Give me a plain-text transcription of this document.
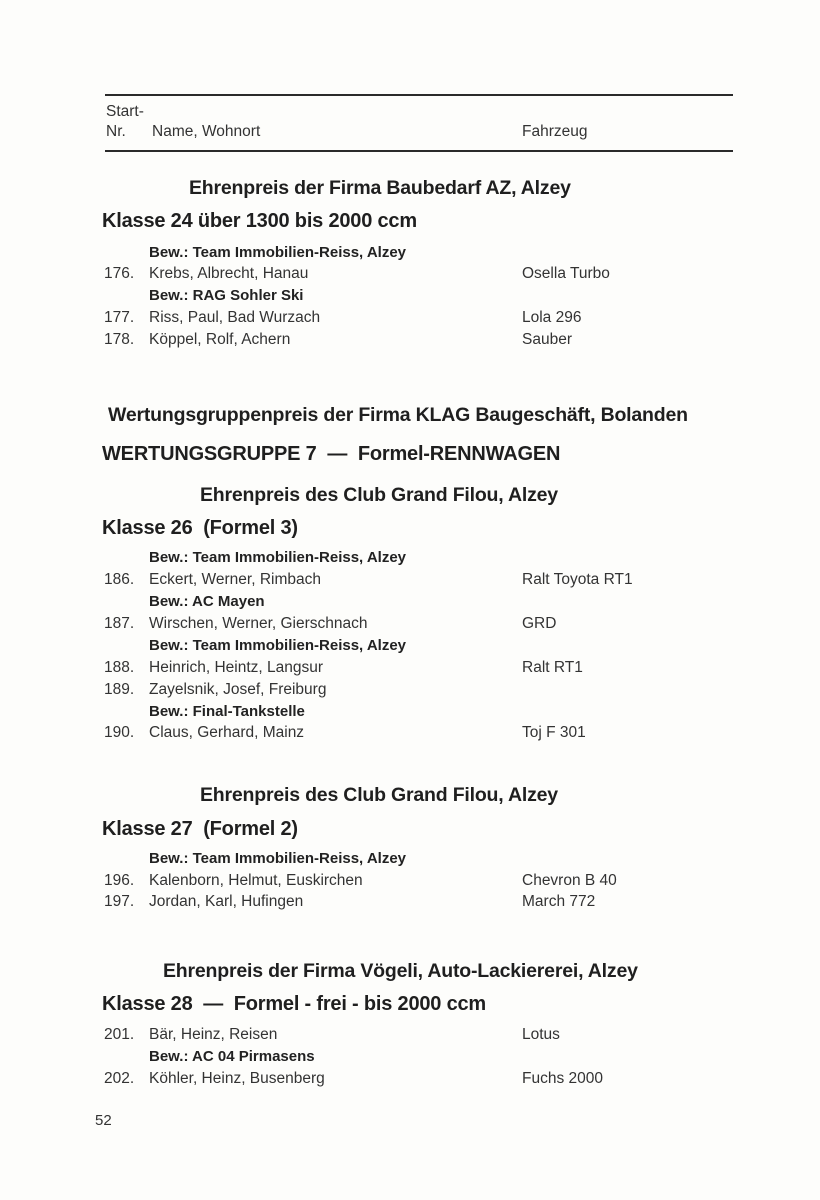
Start-
Nr. Name, Wohnort	Fahrzeug
Ehrenpreis der Firma Baubedarf AZ, Alzey
Klasse 24 über 1300 bis 2000 ccm
Bew.: Team Immobilien-Reiss, Alzey
176. Krebs, Albrecht, Hanau	Osella Turbo
Bew.: RAG Sohler Ski
177. Riss, Paul, Bad Wurzach	Lola 296
178. Köppel, Rolf, Achern	Sauber
Wertungsgruppenpreis der Firma KLAG Baugeschäft, Bolanden
WERTUNGSGRUPPE 7  —  Formel-RENNWAGEN
Ehrenpreis des Club Grand Filou, Alzey
Klasse 26  (Formel 3)
Bew.: Team Immobilien-Reiss, Alzey
186. Eckert, Werner, Rimbach	Ralt Toyota RT1
Bew.: AC Mayen
187. Wirschen, Werner, Gierschnach	GRD
Bew.: Team Immobilien-Reiss, Alzey
188. Heinrich, Heintz, Langsur	Ralt RT1
189. Zayelsnik, Josef, Freiburg
Bew.: Final-Tankstelle
190. Claus, Gerhard, Mainz	Toj F 301
Ehrenpreis des Club Grand Filou, Alzey
Klasse 27  (Formel 2)
Bew.: Team Immobilien-Reiss, Alzey
196. Kalenborn, Helmut, Euskirchen	Chevron B 40
197. Jordan, Karl, Hufingen	March 772
Ehrenpreis der Firma Vögeli, Auto-Lackiererei, Alzey
Klasse 28  —  Formel - frei - bis 2000 ccm
201. Bär, Heinz, Reisen	Lotus
Bew.: AC 04 Pirmasens
202. Köhler, Heinz, Busenberg	Fuchs 2000
52
